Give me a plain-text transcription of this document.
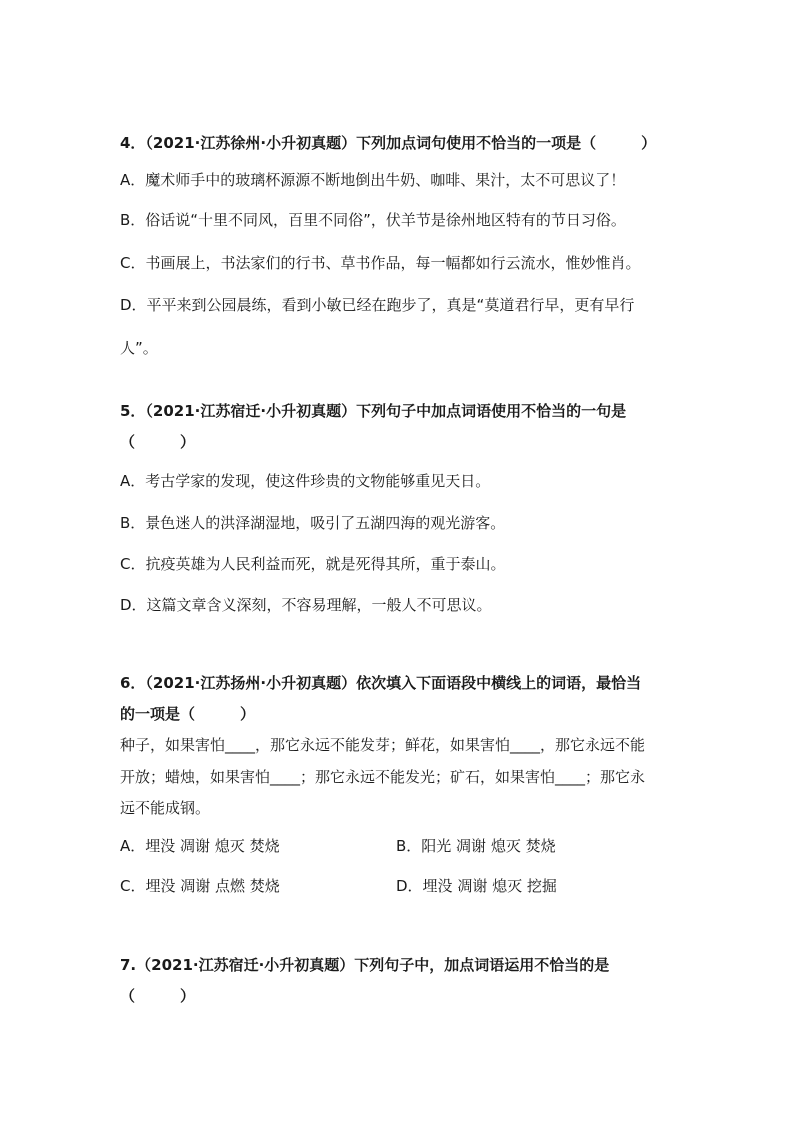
4．（2021·江苏徐州·小升初真题）下列加点词句使用不恰当的一项是（　　　）
A．魔术师手中的玻璃杯源源不断地倒出牛奶、咖啡、果汁，太不可思议了！
B．俗话说“十里不同风，百里不同俗”，伏羊节是徐州地区特有的节日习俗。
C．书画展上，书法家们的行书、草书作品，每一幅都如行云流水，惟妙惟肖。
D．平平来到公园晨练，看到小敏已经在跑步了，真是“莫道君行早，更有早行
人”。
5．（2021·江苏宿迁·小升初真题）下列句子中加点词语使用不恰当的一句是
（　　　）
A．考古学家的发现，使这件珍贵的文物能够重见天日。
B．景色迷人的洪泽湖湿地，吸引了五湖四海的观光游客。
C．抗疫英雄为人民利益而死，就是死得其所，重于泰山。
D．这篇文章含义深刻，不容易理解，一般人不可思议。
6．（2021·江苏扬州·小升初真题）依次填入下面语段中横线上的词语，最恰当
的一项是（　　　）
种子，如果害怕____，那它永远不能发芽；鲜花，如果害怕____，那它永远不能
开放；蜡烛，如果害怕____；那它永远不能发光；矿石，如果害怕____；那它永
远不能成钢。
A．埋没 凋谢 熄灭 焚烧	B．阳光 凋谢 熄灭 焚烧
C．埋没 凋谢 点燃 焚烧	D．埋没 凋谢 熄灭 挖掘
7.（2021·江苏宿迁·小升初真题）下列句子中，加点词语运用不恰当的是
（　　　）
